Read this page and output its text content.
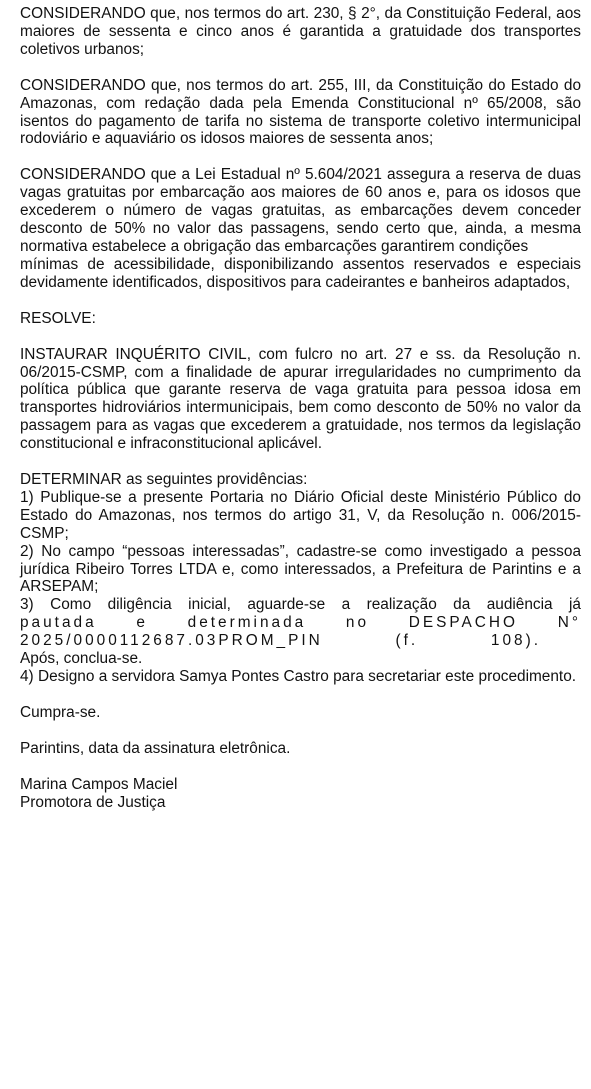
CONSIDERANDO que, nos termos do art. 230, § 2°, da Constituição Federal, aos maiores de sessenta e cinco anos é garantida a gratuidade dos transportes coletivos urbanos;

CONSIDERANDO que, nos termos do art. 255, III, da Constituição do Estado do Amazonas, com redação dada pela Emenda Constitucional nº 65/2008, são isentos do pagamento de tarifa no sistema de transporte coletivo intermunicipal rodoviário e aquaviário os idosos maiores de sessenta anos;

CONSIDERANDO que a Lei Estadual nº 5.604/2021 assegura a reserva de duas vagas gratuitas por embarcação aos maiores de 60 anos e, para os idosos que excederem o número de vagas gratuitas, as embarcações devem conceder desconto de 50% no valor das passagens, sendo certo que, ainda, a mesma normativa estabelece a obrigação das embarcações garantirem condições
mínimas de acessibilidade, disponibilizando assentos reservados e especiais devidamente identificados, dispositivos para cadeirantes e banheiros adaptados,

RESOLVE:

INSTAURAR INQUÉRITO CIVIL, com fulcro no art. 27 e ss. da Resolução n. 06/2015-CSMP, com a finalidade de apurar irregularidades no cumprimento da política pública que garante reserva de vaga gratuita para pessoa idosa em transportes hidroviários intermunicipais, bem como desconto de 50% no valor da passagem para as vagas que excederem a gratuidade, nos termos da legislação constitucional e infraconstitucional aplicável.

DETERMINAR as seguintes providências:
1) Publique-se a presente Portaria no Diário Oficial deste Ministério Público do Estado do Amazonas, nos termos do artigo 31, V, da Resolução n. 006/2015-CSMP;
2) No campo “pessoas interessadas”, cadastre-se como investigado a pessoa jurídica Ribeiro Torres LTDA e, como interessados, a Prefeitura de Parintins e a ARSEPAM;
3) Como diligência inicial, aguarde-se a realização da audiência já
pautada e determinada no DESPACHO N°
2025/0000112687.03PROM_PIN (f. 108).
Após, conclua-se.
4) Designo a servidora Samya Pontes Castro para secretariar este procedimento.

Cumpra-se.

Parintins, data da assinatura eletrônica.

Marina Campos Maciel
Promotora de Justiça
